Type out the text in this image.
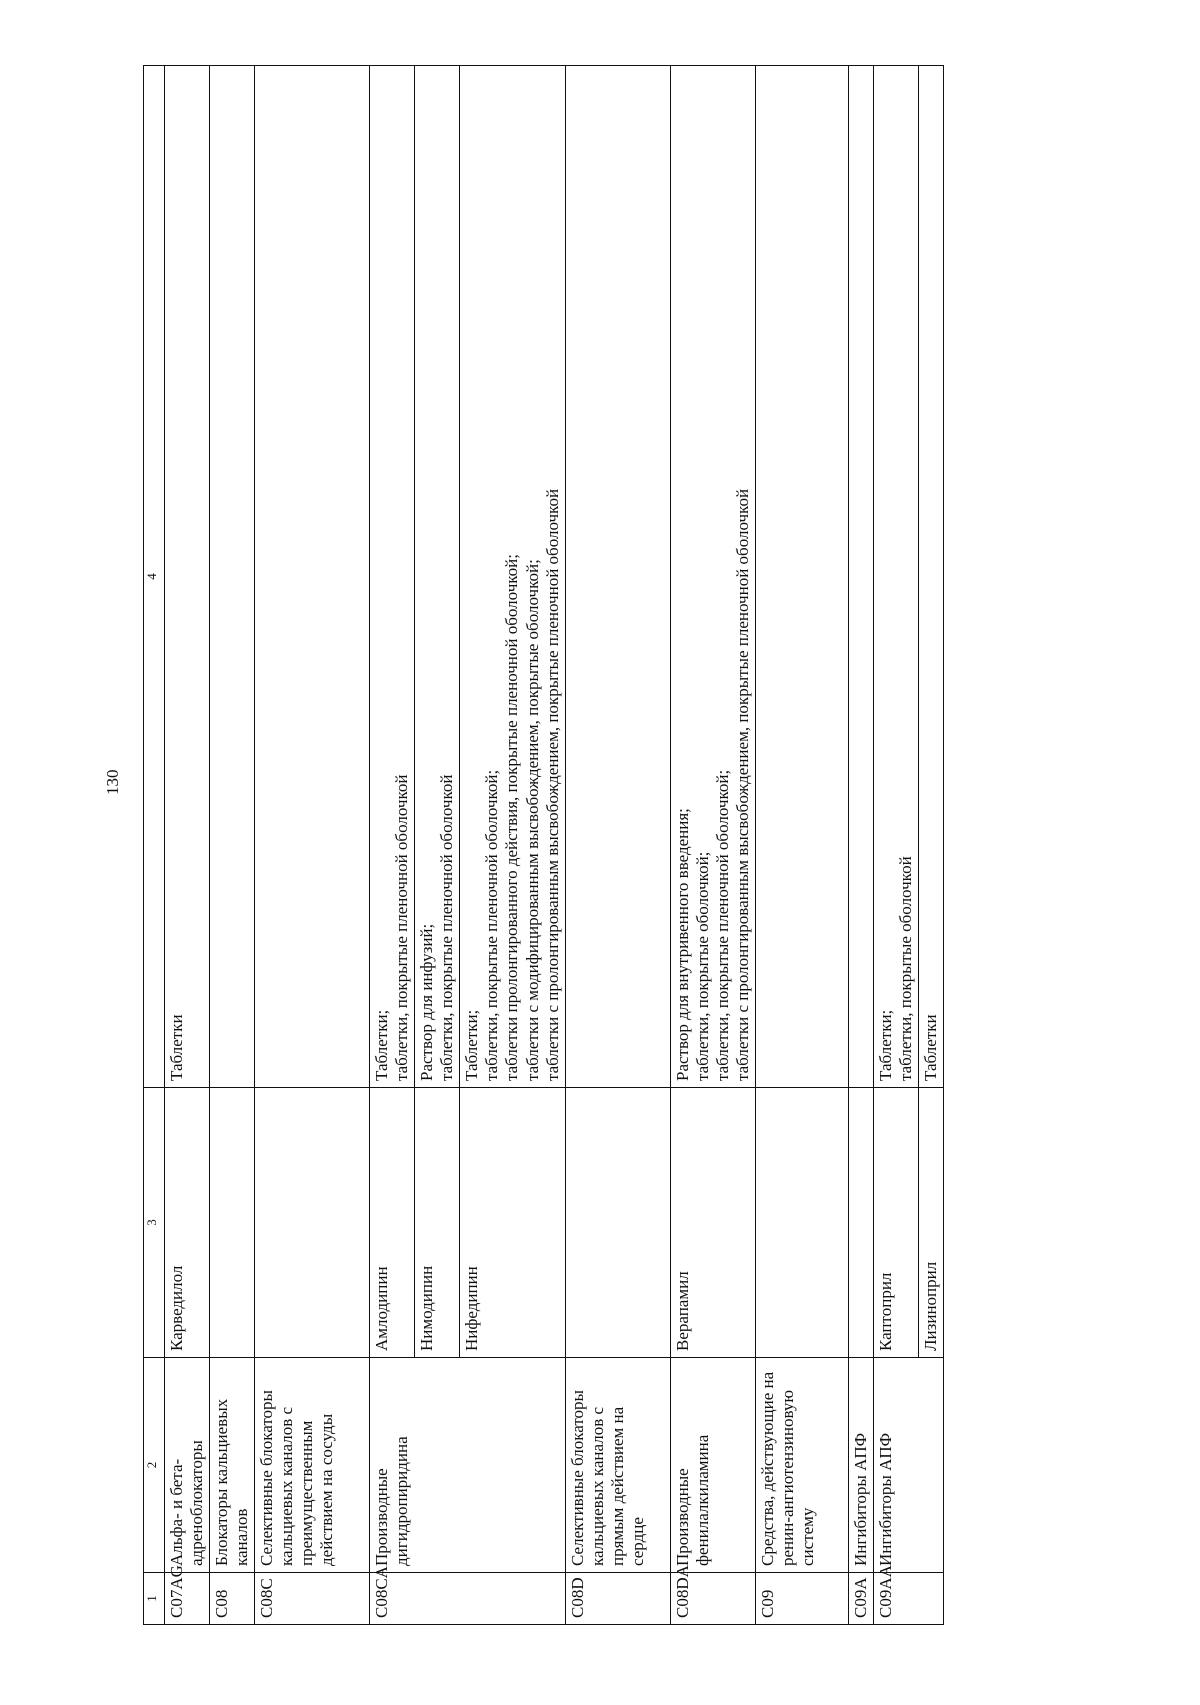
130
1	2	3	4
C07AG	Альфа- и бета-адреноблокаторы	Карведилол	Таблетки

C08	Блокаторы кальциевых каналов		
C08C	Селективные блокаторы кальциевых каналов с преимущественным действием на сосуды		
C08CA	Производные дигидропиридина	Амлодипин	Таблетки; таблетки, покрытые пленочной оболочкой

		Нимодипин	Раствор для инфузий; таблетки, покрытые пленочной оболочкой

		Нифедипин	Таблетки; таблетки, покрытые пленочной оболочкой; таблетки пролонгированного действия, покрытые пленочной оболочкой; таблетки с модифицированным высвобождением, покрытые оболочкой; таблетки с пролонгированным высвобождением, покрытые пленочной оболочкой

C08D	Селективные блокаторы кальциевых каналов с прямым действием на сердце		
C08DA	Производные фенилалкиламина	Верапамил	Раствор для внутривенного введения; таблетки, покрытые оболочкой; таблетки, покрытые пленочной оболочкой; таблетки с пролонгированным высвобождением, покрытые пленочной оболочкой

C09	Средства, действующие на ренин-ангиотензиновую систему		
C09A	Ингибиторы АПФ		
C09AA	Ингибиторы АПФ	Каптоприл	Таблетки; таблетки, покрытые оболочкой

		Лизиноприл	Таблетки
